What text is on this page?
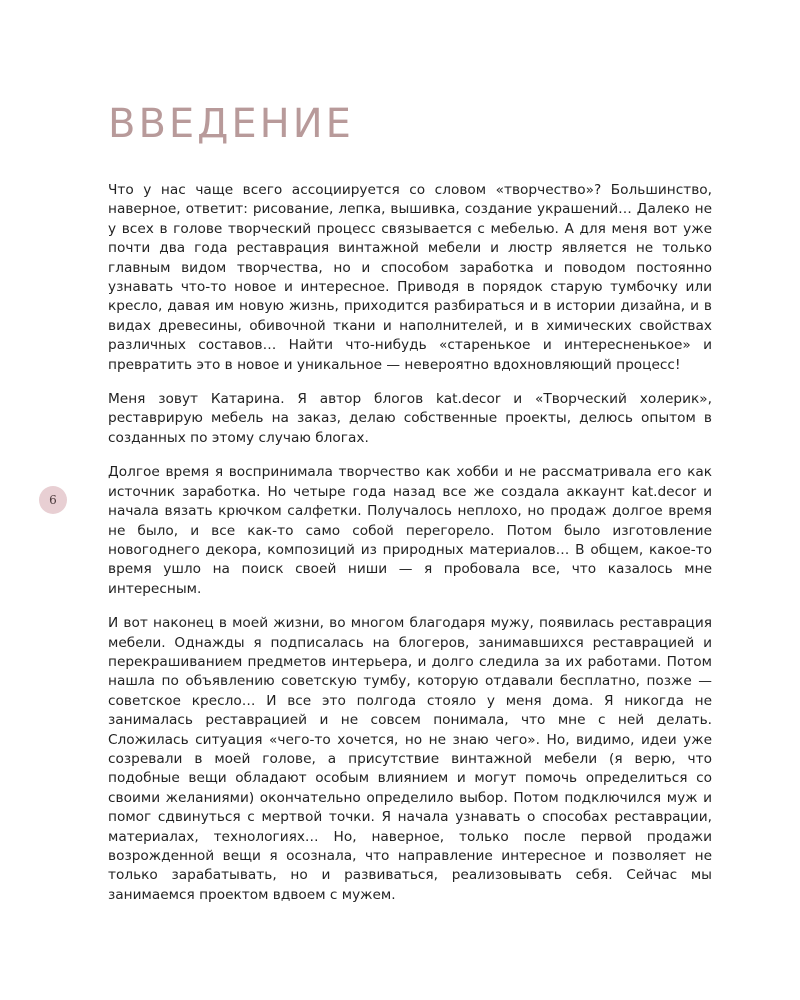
ВВЕДЕНИЕ
6

Что у нас чаще всего ассоциируется со словом «творчество»? Большинство, наверное, ответит: рисование, лепка, вышивка, создание украшений… Далеко не у всех в голове творческий процесс связывается с мебелью. А для меня вот уже почти два года реставрация винтажной мебели и люстр является не только главным видом творчества, но и способом заработка и поводом постоянно узнавать что-то новое и интересное. Приводя в порядок старую тумбочку или кресло, давая им новую жизнь, приходится разбираться и в истории дизайна, и в видах древесины, обивочной ткани и наполнителей, и в химических свойствах различных составов… Найти что-нибудь «старенькое и интересненькое» и превратить это в новое и уникальное — невероятно вдохновляющий процесс!

Меня зовут Катарина. Я автор блогов kat.decor и «Творческий холерик», реставрирую мебель на заказ, делаю собственные проекты, делюсь опытом в созданных по этому случаю блогах.

Долгое время я воспринимала творчество как хобби и не рассматривала его как источник заработка. Но четыре года назад все же создала аккаунт kat.decor и начала вязать крючком салфетки. Получалось неплохо, но продаж долгое время не было, и все как-то само собой перегорело. Потом было изготовление новогоднего декора, композиций из природных материалов… В общем, какое-то время ушло на поиск своей ниши — я пробовала все, что казалось мне интересным.

И вот наконец в моей жизни, во многом благодаря мужу, появилась реставрация мебели. Однажды я подписалась на блогеров, занимавшихся реставрацией и перекрашиванием предметов интерьера, и долго следила за их работами. Потом нашла по объявлению советскую тумбу, которую отдавали бесплатно, позже — советское кресло… И все это полгода стояло у меня дома. Я никогда не занималась реставрацией и не совсем понимала, что мне с ней делать. Сложилась ситуация «чего-то хочется, но не знаю чего». Но, видимо, идеи уже созревали в моей голове, а присутствие винтажной мебели (я верю, что подобные вещи обладают особым влиянием и могут помочь определиться со своими желаниями) окончательно определило выбор. Потом подключился муж и помог сдвинуться с мертвой точки. Я начала узнавать о способах реставрации, материалах, технологиях… Но, наверное, только после первой продажи возрожденной вещи я осознала, что направление интересное и позволяет не только зарабатывать, но и развиваться, реализовывать себя. Сейчас мы занимаемся проектом вдвоем с мужем.
